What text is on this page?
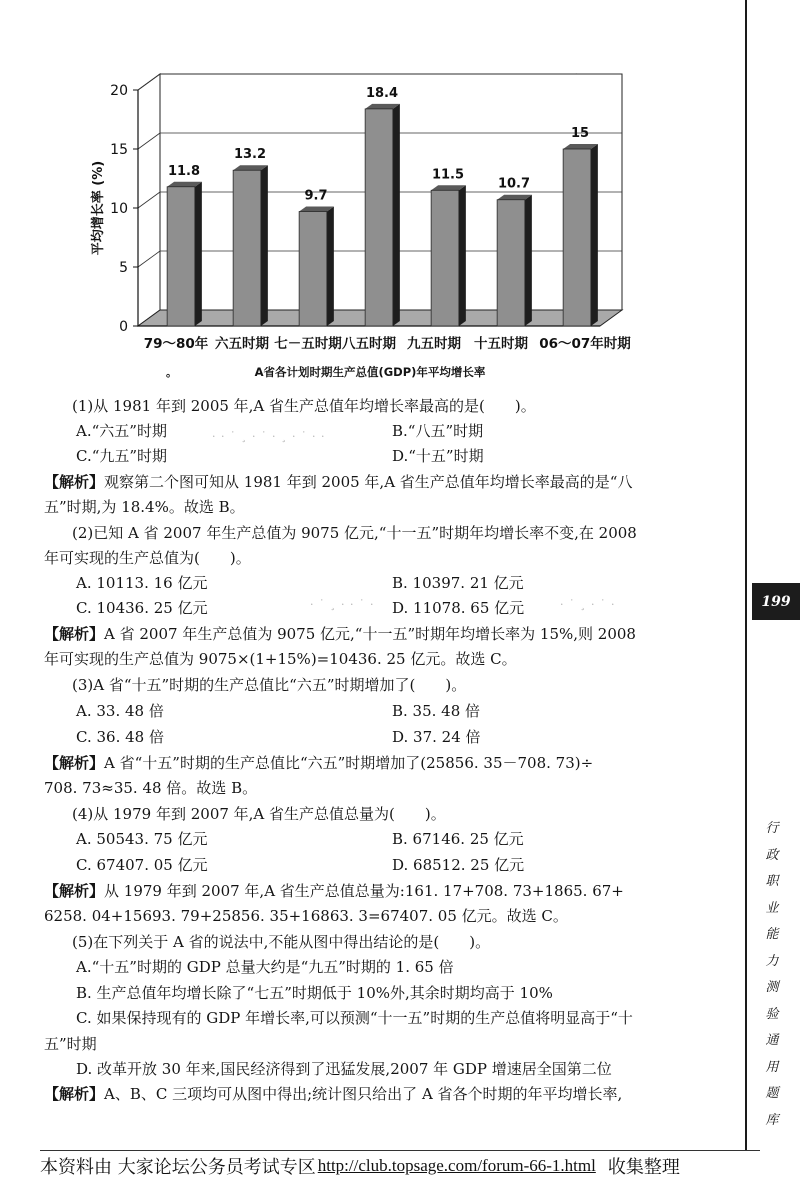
· · ˙ ¸ · ˙ · ¸ · ˙ · ·
· ˙ ¸ · · ˙ ·	· ˙ ¸ · ˙ ·
0
5
10
15
20
平均增长率 (%)	11.8
13.2
9.7
18.4
11.5
10.7
15
79～80年 六五时期 七－五时期 八五时期 九五时期 十五时期 06～07年时期
A省各计划时期生产总值(GDP)年平均增长率
。
(1)从 1981 年到 2005 年,A 省生产总值年均增长率最高的是(　　)。
A.“六五”时期	B.“八五”时期
C.“九五”时期	D.“十五”时期
【解析】观察第二个图可知从 1981 年到 2005 年,A 省生产总值年均增长率最高的是“八
五”时期,为 18.4%。故选 B。
(2)已知 A 省 2007 年生产总值为 9075 亿元,“十一五”时期年均增长率不变,在 2008
年可实现的生产总值为(　　)。
A. 10113. 16 亿元	B. 10397. 21 亿元
C. 10436. 25 亿元	D. 11078. 65 亿元
【解析】A 省 2007 年生产总值为 9075 亿元,“十一五”时期年均增长率为 15%,则 2008
年可实现的生产总值为 9075×(1+15%)=10436. 25 亿元。故选 C。
(3)A 省“十五”时期的生产总值比“六五”时期增加了(　　)。
A. 33. 48 倍	B. 35. 48 倍
C. 36. 48 倍	D. 37. 24 倍
【解析】A 省“十五”时期的生产总值比“六五”时期增加了(25856. 35－708. 73)÷
708. 73≈35. 48 倍。故选 B。
(4)从 1979 年到 2007 年,A 省生产总值总量为(　　)。
A. 50543. 75 亿元	B. 67146. 25 亿元
C. 67407. 05 亿元	D. 68512. 25 亿元
【解析】从 1979 年到 2007 年,A 省生产总值总量为:161. 17+708. 73+1865. 67+
6258. 04+15693. 79+25856. 35+16863. 3=67407. 05 亿元。故选 C。
(5)在下列关于 A 省的说法中,不能从图中得出结论的是(　　)。
A.“十五”时期的 GDP 总量大约是“九五”时期的 1. 65 倍
B. 生产总值年均增长除了“七五”时期低于 10%外,其余时期均高于 10%
C. 如果保持现有的 GDP 年增长率,可以预测“十一五”时期的生产总值将明显高于“十
五”时期
D. 改革开放 30 年来,国民经济得到了迅猛发展,2007 年 GDP 增速居全国第二位
【解析】A、B、C 三项均可从图中得出;统计图只给出了 A 省各个时期的年平均增长率,
199
行
政
职
业
能
力
测
验
通
用
题
库
本资料由 大家论坛公务员考试专区 http://club.topsage.com/forum-66-1.html 收集整理
